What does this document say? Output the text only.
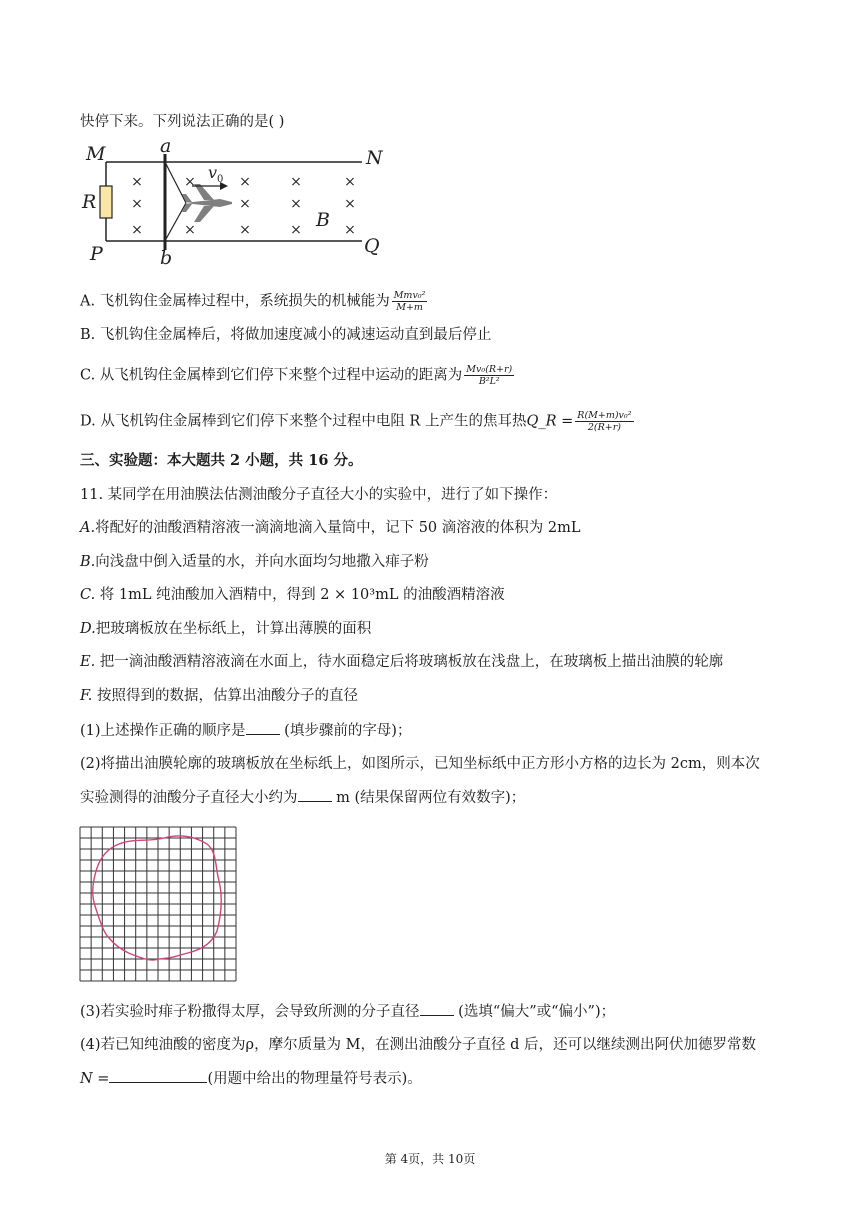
快停下来。下列说法正确的是( )
×
×
×
×
×
×
×
×
×
×
×
×
×
×
M	N
P	Q
a
b
R
B
v 0
A. 飞机钩住金属棒过程中，系统损失的机械能为 $\frac{\text{Mmv₀²}}{M+m}$
B. 飞机钩住金属棒后，将做加速度减小的减速运动直到最后停止
C. 从飞机钩住金属棒到它们停下来整个过程中运动的距离为 $\frac{\text{Mv₀(R+r)}}{\text{B²L²}}$
D. 从飞机钩住金属棒到它们停下来整个过程中电阻 R 上产生的焦耳热Q_R = $\frac{\text{R(M+m)v₀²}}{2(R+r)}$
三、实验题：本大题共 2 小题，共 16 分。
11. 某同学在用油膜法估测油酸分子直径大小的实验中，进行了如下操作：
A.将配好的油酸酒精溶液一滴滴地滴入量筒中，记下 50 滴溶液的体积为 2mL
B.向浅盘中倒入适量的水，并向水面均匀地撒入痱子粉
C. 将 1mL 纯油酸加入酒精中，得到 2 × 10³mL 的油酸酒精溶液
D.把玻璃板放在坐标纸上，计算出薄膜的面积
E. 把一滴油酸酒精溶液滴在水面上，待水面稳定后将玻璃板放在浅盘上，在玻璃板上描出油膜的轮廓
F. 按照得到的数据，估算出油酸分子的直径
(1)上述操作正确的顺序是 (填步骤前的字母)；
(2)将描出油膜轮廓的玻璃板放在坐标纸上，如图所示，已知坐标纸中正方形小方格的边长为 2cm，则本次
实验测得的油酸分子直径大小约为 m (结果保留两位有效数字)；
(3)若实验时痱子粉撒得太厚，会导致所测的分子直径 (选填“偏大”或“偏小”)；
(4)若已知纯油酸的密度为ρ，摩尔质量为 M，在测出油酸分子直径 d 后，还可以继续测出阿伏加德罗常数
N =	(用题中给出的物理量符号表示)。
第 4页，共 10页
